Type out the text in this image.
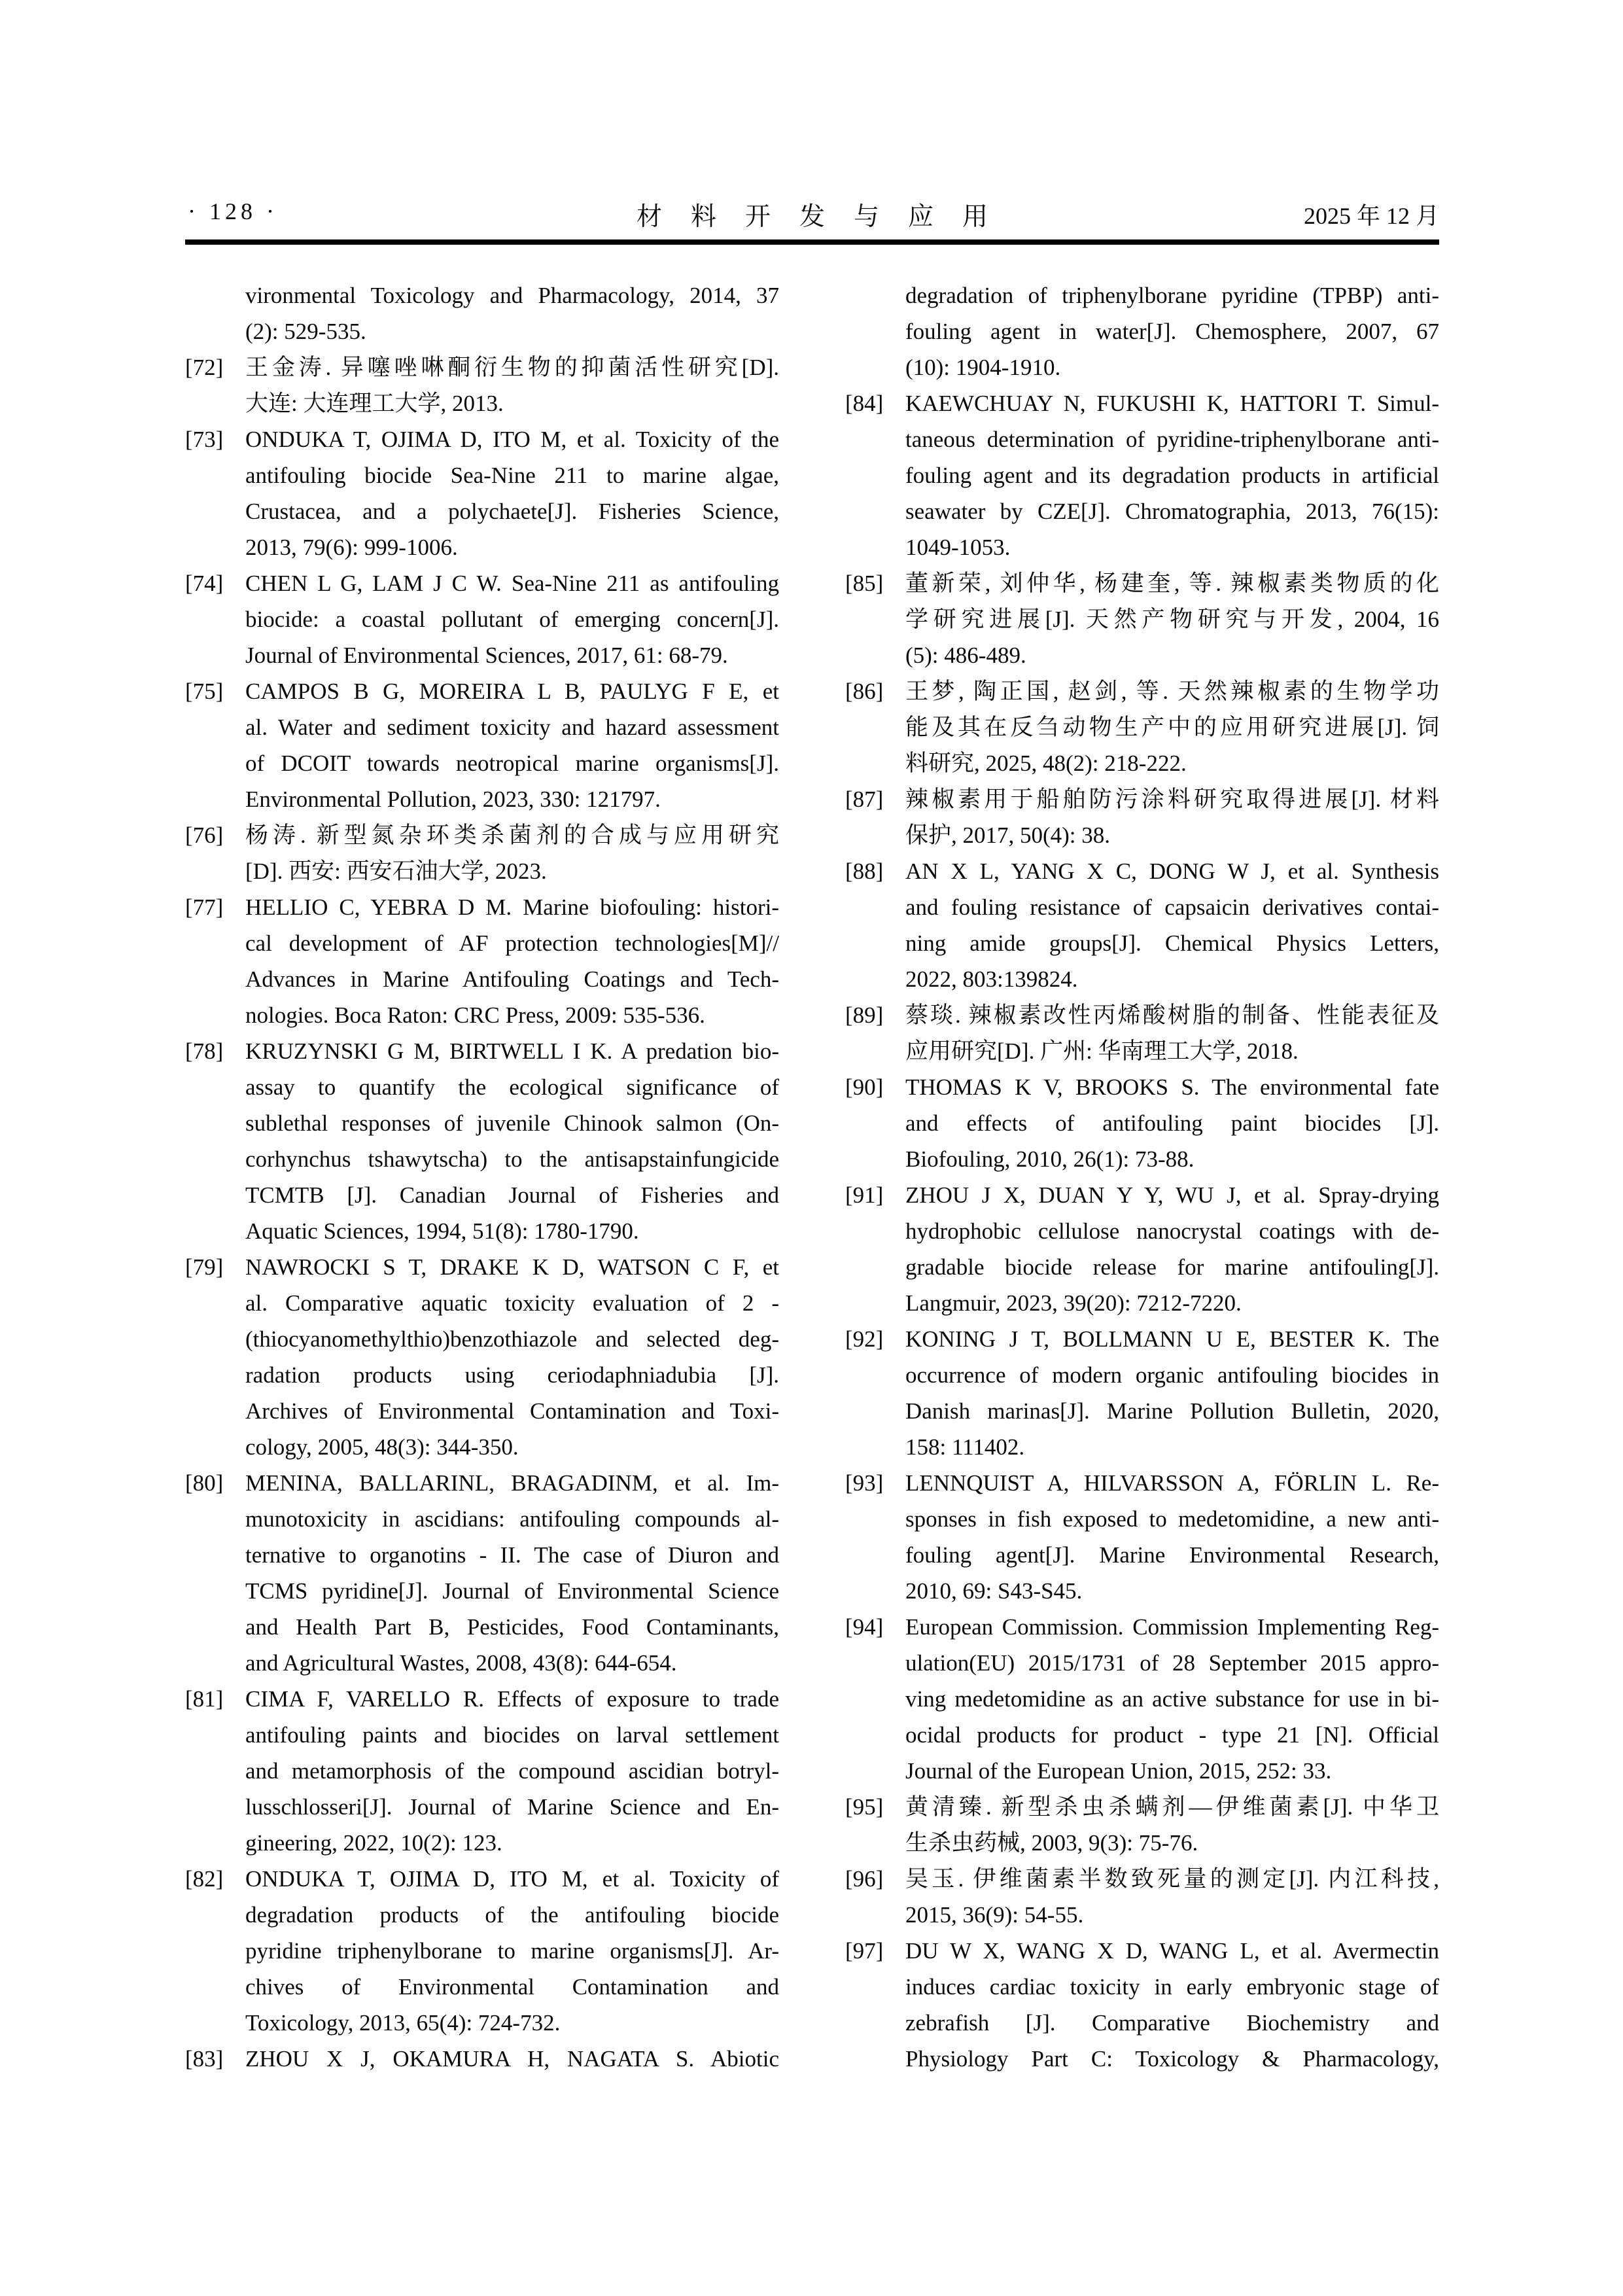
· 128 ·	材料开发与应用	2025 年 12 月
vironmental Toxicology and Pharmacology, 2014, 37
(2): 529-535.
[72] 王金涛. 异噻唑啉酮衍生物的抑菌活性研究[D].
大连: 大连理工大学, 2013.
[73] ONDUKA T, OJIMA D, ITO M, et al. Toxicity of the
antifouling biocide Sea-Nine 211 to marine algae,
Crustacea, and a polychaete[J]. Fisheries Science,
2013, 79(6): 999-1006.
[74] CHEN L G, LAM J C W. Sea-Nine 211 as antifouling
biocide: a coastal pollutant of emerging concern[J].
Journal of Environmental Sciences, 2017, 61: 68-79.
[75] CAMPOS B G, MOREIRA L B, PAULYG F E, et
al. Water and sediment toxicity and hazard assessment
of DCOIT towards neotropical marine organisms[J].
Environmental Pollution, 2023, 330: 121797.
[76] 杨涛. 新型氮杂环类杀菌剂的合成与应用研究
[D]. 西安: 西安石油大学, 2023.
[77] HELLIO C, YEBRA D M. Marine biofouling: histori-
cal development of AF protection technologies[M]//
Advances in Marine Antifouling Coatings and Tech-
nologies. Boca Raton: CRC Press, 2009: 535-536.
[78] KRUZYNSKI G M, BIRTWELL I K. A predation bio-
assay to quantify the ecological significance of
sublethal responses of juvenile Chinook salmon (On-
corhynchus tshawytscha) to the antisapstainfungicide
TCMTB [J]. Canadian Journal of Fisheries and
Aquatic Sciences, 1994, 51(8): 1780-1790.
[79] NAWROCKI S T, DRAKE K D, WATSON C F, et
al. Comparative aquatic toxicity evaluation of 2 -
(thiocyanomethylthio)benzothiazole and selected deg-
radation products using ceriodaphniadubia [J].
Archives of Environmental Contamination and Toxi-
cology, 2005, 48(3): 344-350.
[80] MENINA, BALLARINL, BRAGADINM, et al. Im-
munotoxicity in ascidians: antifouling compounds al-
ternative to organotins - II. The case of Diuron and
TCMS pyridine[J]. Journal of Environmental Science
and Health Part B, Pesticides, Food Contaminants,
and Agricultural Wastes, 2008, 43(8): 644-654.
[81] CIMA F, VARELLO R. Effects of exposure to trade
antifouling paints and biocides on larval settlement
and metamorphosis of the compound ascidian botryl-
lusschlosseri[J]. Journal of Marine Science and En-
gineering, 2022, 10(2): 123.
[82] ONDUKA T, OJIMA D, ITO M, et al. Toxicity of
degradation products of the antifouling biocide
pyridine triphenylborane to marine organisms[J]. Ar-
chives of Environmental Contamination and
Toxicology, 2013, 65(4): 724-732.
[83] ZHOU X J, OKAMURA H, NAGATA S. Abiotic
degradation of triphenylborane pyridine (TPBP) anti-
fouling agent in water[J]. Chemosphere, 2007, 67
(10): 1904-1910.
[84] KAEWCHUAY N, FUKUSHI K, HATTORI T. Simul-
taneous determination of pyridine-triphenylborane anti-
fouling agent and its degradation products in artificial
seawater by CZE[J]. Chromatographia, 2013, 76(15):
1049-1053.
[85] 董新荣, 刘仲华, 杨建奎, 等. 辣椒素类物质的化
学研究进展[J]. 天然产物研究与开发, 2004, 16
(5): 486-489.
[86] 王梦, 陶正国, 赵剑, 等. 天然辣椒素的生物学功
能及其在反刍动物生产中的应用研究进展[J]. 饲
料研究, 2025, 48(2): 218-222.
[87] 辣椒素用于船舶防污涂料研究取得进展[J]. 材料
保护, 2017, 50(4): 38.
[88] AN X L, YANG X C, DONG W J, et al. Synthesis
and fouling resistance of capsaicin derivatives contai-
ning amide groups[J]. Chemical Physics Letters,
2022, 803:139824.
[89] 蔡琰. 辣椒素改性丙烯酸树脂的制备、性能表征及
应用研究[D]. 广州: 华南理工大学, 2018.
[90] THOMAS K V, BROOKS S. The environmental fate
and effects of antifouling paint biocides [J].
Biofouling, 2010, 26(1): 73-88.
[91] ZHOU J X, DUAN Y Y, WU J, et al. Spray-drying
hydrophobic cellulose nanocrystal coatings with de-
gradable biocide release for marine antifouling[J].
Langmuir, 2023, 39(20): 7212-7220.
[92] KONING J T, BOLLMANN U E, BESTER K. The
occurrence of modern organic antifouling biocides in
Danish marinas[J]. Marine Pollution Bulletin, 2020,
158: 111402.
[93] LENNQUIST A, HILVARSSON A, FÖRLIN L. Re-
sponses in fish exposed to medetomidine, a new anti-
fouling agent[J]. Marine Environmental Research,
2010, 69: S43-S45.
[94] European Commission. Commission Implementing Reg-
ulation(EU) 2015/1731 of 28 September 2015 appro-
ving medetomidine as an active substance for use in bi-
ocidal products for product - type 21 [N]. Official
Journal of the European Union, 2015, 252: 33.
[95] 黄清臻. 新型杀虫杀螨剂—伊维菌素[J]. 中华卫
生杀虫药械, 2003, 9(3): 75-76.
[96] 吴玉. 伊维菌素半数致死量的测定[J]. 内江科技,
2015, 36(9): 54-55.
[97] DU W X, WANG X D, WANG L, et al. Avermectin
induces cardiac toxicity in early embryonic stage of
zebrafish [J]. Comparative Biochemistry and
Physiology Part C: Toxicology & Pharmacology,
